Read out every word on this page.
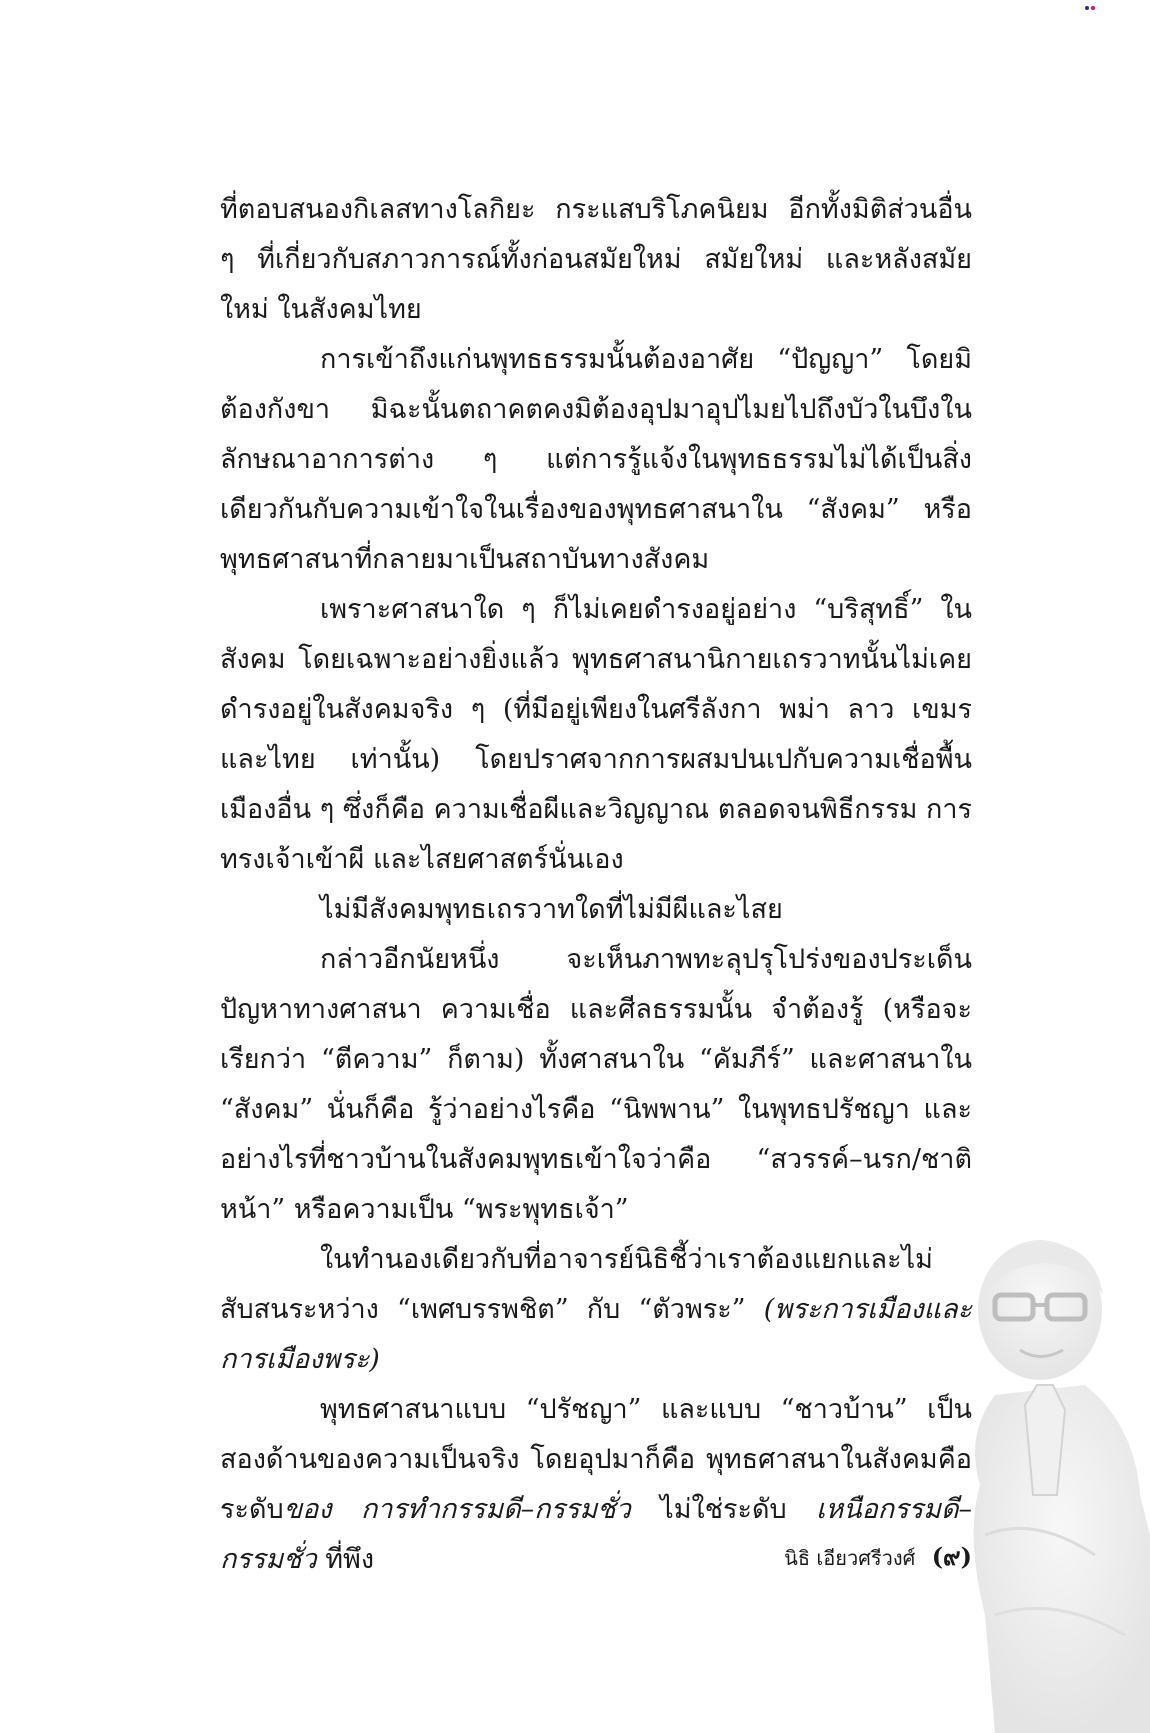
ที่ตอบสนองกิเลสทางโลกิยะ กระแสบริโภคนิยม อีกทั้งมิติส่วนอื่น ๆ ที่เกี่ยวกับสภาวการณ์ทั้งก่อนสมัยใหม่ สมัยใหม่ และหลังสมัยใหม่ ในสังคมไทย

การเข้าถึงแก่นพุทธธรรมนั้นต้องอาศัย “ปัญญา” โดยมิต้องกังขา มิฉะนั้นตถาคตคงมิต้องอุปมาอุปไมยไปถึงบัวในบึงในลักษณาอาการต่าง ๆ แต่การรู้แจ้งในพุทธธรรมไม่ได้เป็นสิ่งเดียวกันกับความเข้าใจในเรื่องของพุทธศาสนาใน “สังคม” หรือพุทธศาสนาที่กลายมาเป็นสถาบันทางสังคม

เพราะศาสนาใด ๆ ก็ไม่เคยดำรงอยู่อย่าง “บริสุทธิ์” ในสังคม โดยเฉพาะอย่างยิ่งแล้ว พุทธศาสนานิกายเถรวาทนั้นไม่เคยดำรงอยู่ในสังคมจริง ๆ (ที่มีอยู่เพียงในศรีลังกา พม่า ลาว เขมร และไทย เท่านั้น) โดยปราศจากการผสมปนเปกับความเชื่อพื้นเมืองอื่น ๆ ซึ่งก็คือ ความเชื่อผีและวิญญาณ ตลอดจนพิธีกรรม การทรงเจ้าเข้าผี และไสยศาสตร์นั่นเอง

ไม่มีสังคมพุทธเถรวาทใดที่ไม่มีผีและไสย

กล่าวอีกนัยหนึ่ง จะเห็นภาพทะลุปรุโปร่งของประเด็นปัญหาทางศาสนา ความเชื่อ และศีลธรรมนั้น จำต้องรู้ (หรือจะเรียกว่า “ตีความ” ก็ตาม) ทั้งศาสนาใน “คัมภีร์” และศาสนาใน “สังคม” นั่นก็คือ รู้ว่าอย่างไรคือ “นิพพาน” ในพุทธปรัชญา และอย่างไรที่ชาวบ้านในสังคมพุทธเข้าใจว่าคือ “สวรรค์–นรก/ชาติหน้า” หรือความเป็น “พระพุทธเจ้า”

ในทำนองเดียวกับที่อาจารย์นิธิชี้ว่าเราต้องแยกและไม่สับสนระหว่าง “เพศบรรพชิต” กับ “ตัวพระ” (พระการเมืองและการเมืองพระ)

พุทธศาสนาแบบ “ปรัชญา” และแบบ “ชาวบ้าน” เป็นสองด้านของความเป็นจริง โดยอุปมาก็คือ พุทธศาสนาในสังคมคือระดับของ การทำกรรมดี–กรรมชั่ว ไม่ใช่ระดับ เหนือกรรมดี–กรรมชั่ว ที่พึง	นิธิ เอียวศรีวงศ์ (๙)
